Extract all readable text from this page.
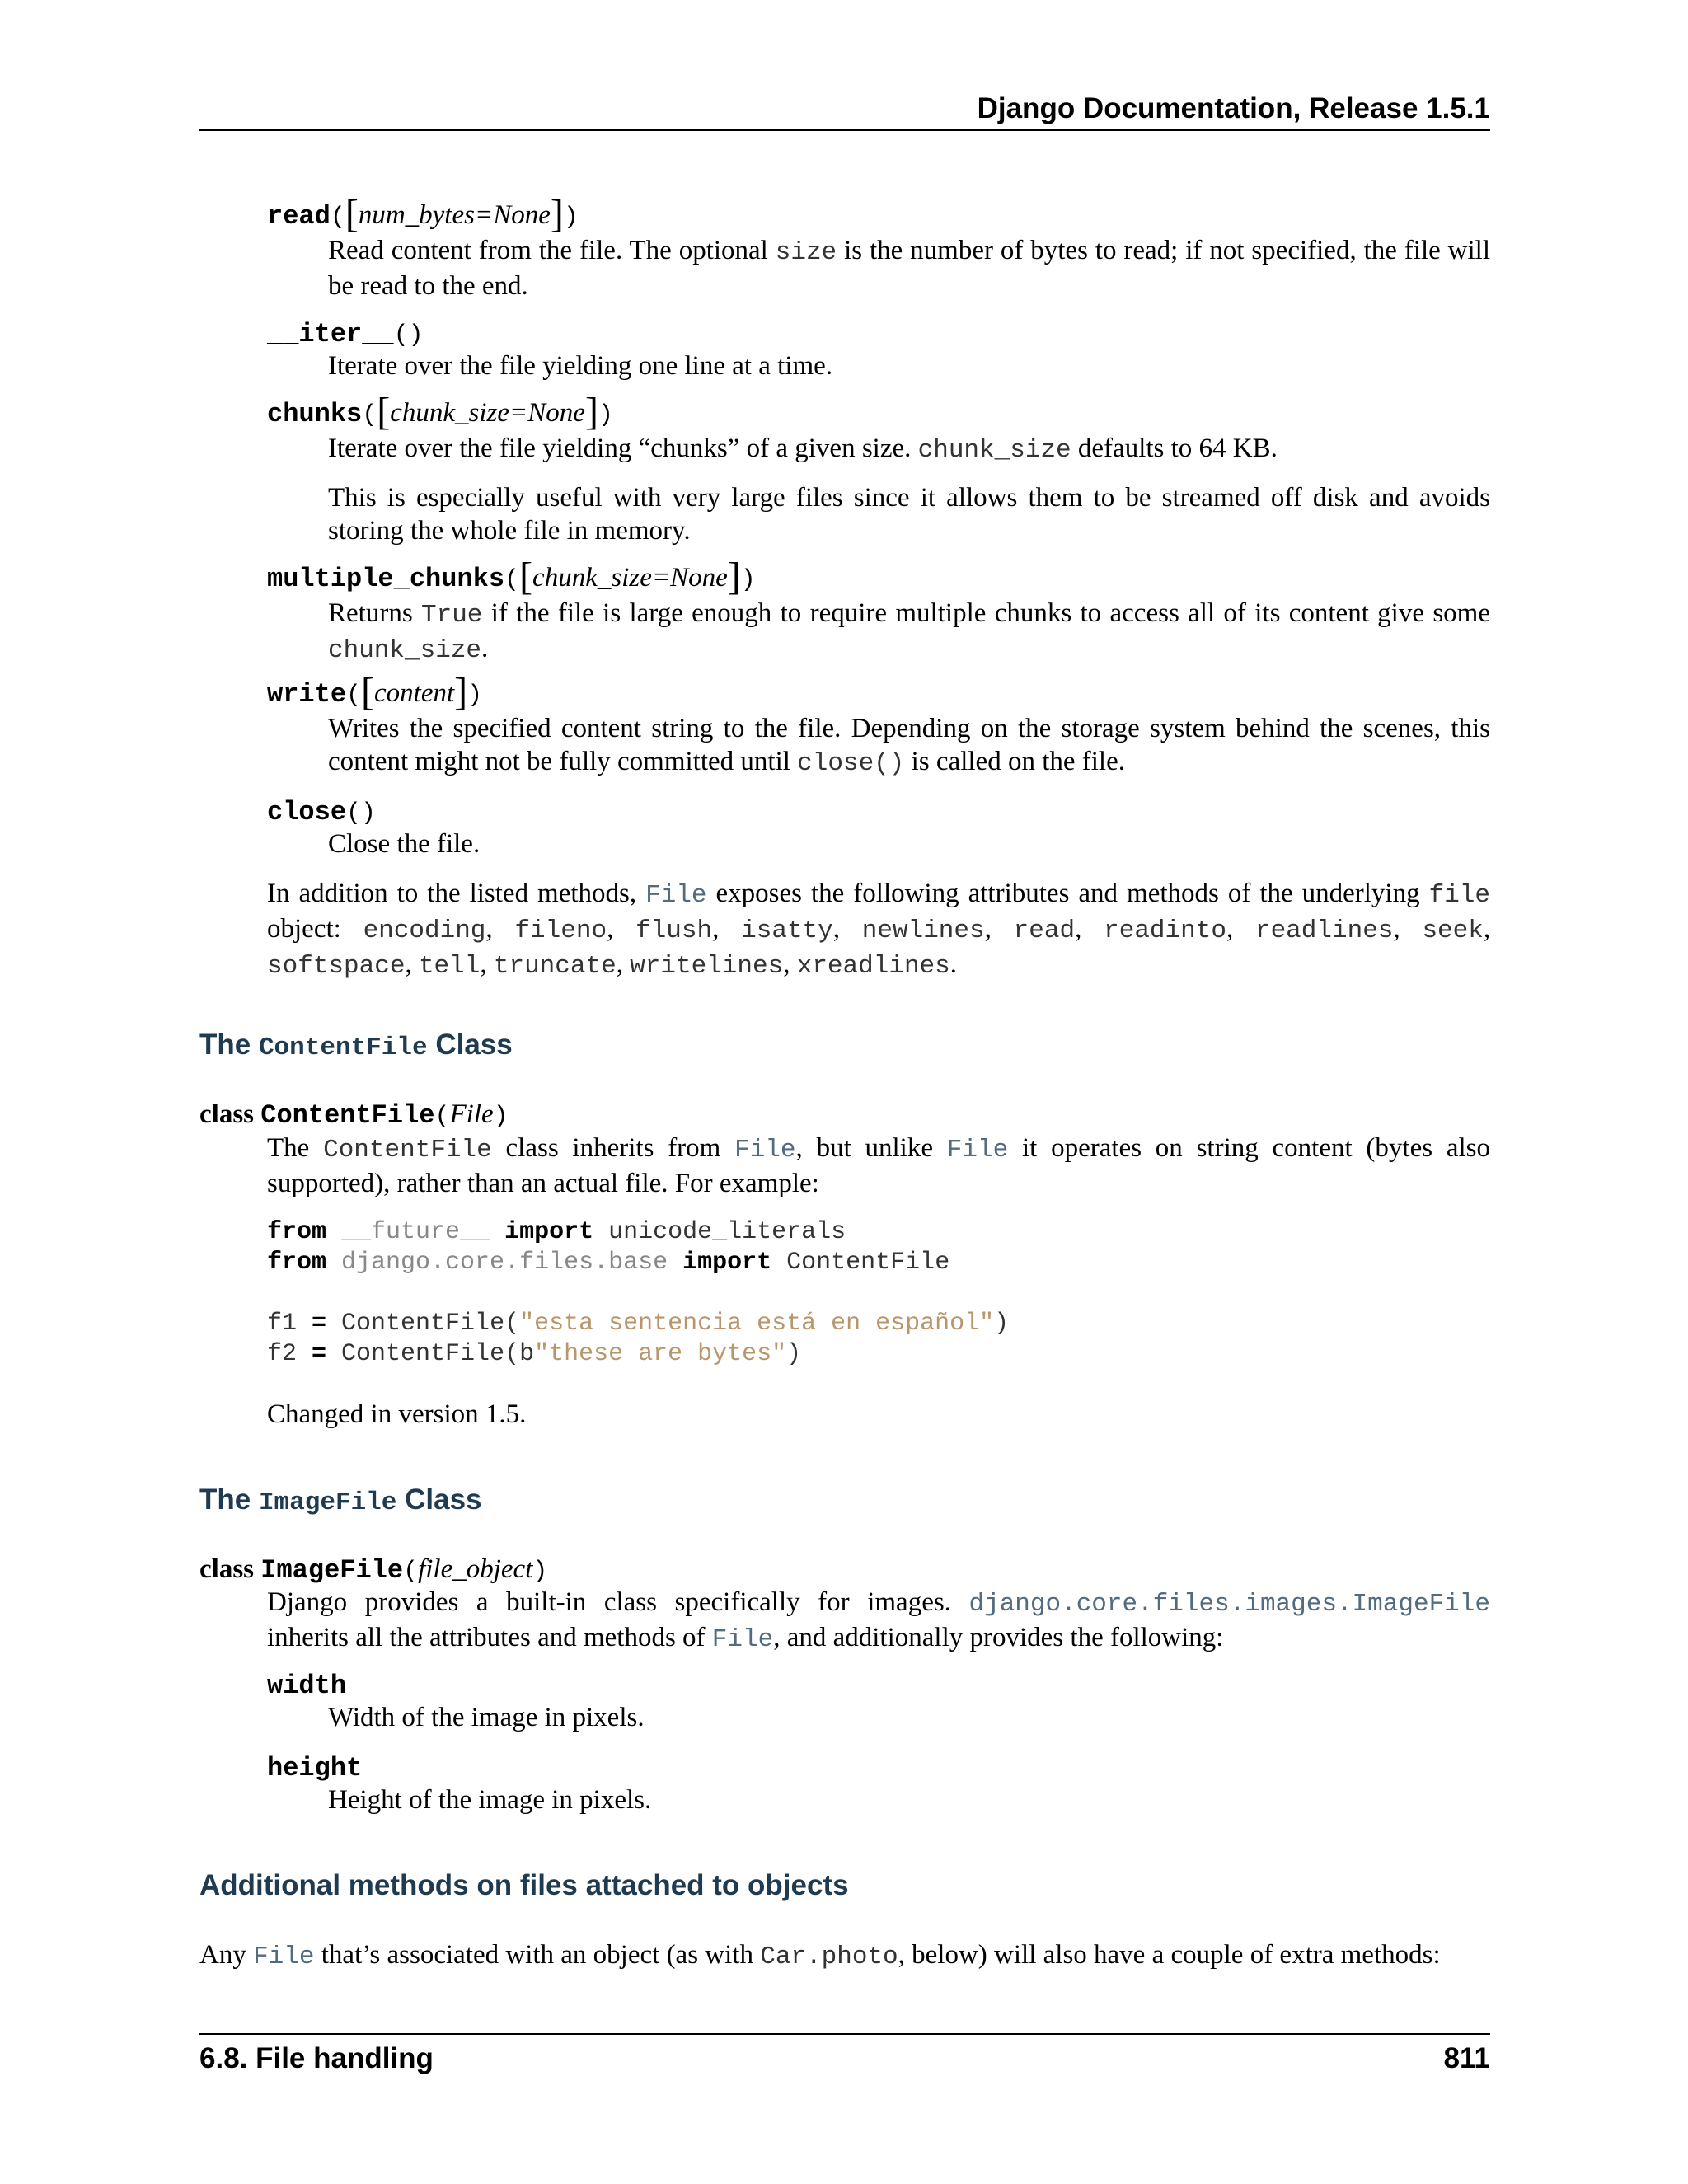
Django Documentation, Release 1.5.1
read([num_bytes=None])
Read content from the file. The optional size is the number of bytes to read; if not specified, the file will be read to the end.
__iter__()
Iterate over the file yielding one line at a time.
chunks([chunk_size=None])
Iterate over the file yielding “chunks” of a given size. chunk_size defaults to 64 KB.
This is especially useful with very large files since it allows them to be streamed off disk and avoids storing the whole file in memory.
multiple_chunks([chunk_size=None])
Returns True if the file is large enough to require multiple chunks to access all of its content give some chunk_size.
write([content])
Writes the specified content string to the file. Depending on the storage system behind the scenes, this content might not be fully committed until close() is called on the file.
close()
Close the file.
In addition to the listed methods, File exposes the following attributes and methods of the underlying file object: encoding, fileno, flush, isatty, newlines, read, readinto, readlines, seek, softspace, tell, truncate, writelines, xreadlines.
The ContentFile Class
class ContentFile(File)
The ContentFile class inherits from File, but unlike File it operates on string content (bytes also supported), rather than an actual file. For example:
from __future__ import unicode_literals
from django.core.files.base import ContentFile
f1 = ContentFile("esta sentencia está en español")
f2 = ContentFile(b"these are bytes")
Changed in version 1.5.
The ImageFile Class
class ImageFile(file_object)
Django provides a built-in class specifically for images. django.core.files.images.ImageFile inherits all the attributes and methods of File, and additionally provides the following:
width
Width of the image in pixels.
height
Height of the image in pixels.
Additional methods on files attached to objects
Any File that’s associated with an object (as with Car.photo, below) will also have a couple of extra methods:
6.8. File handling	811
